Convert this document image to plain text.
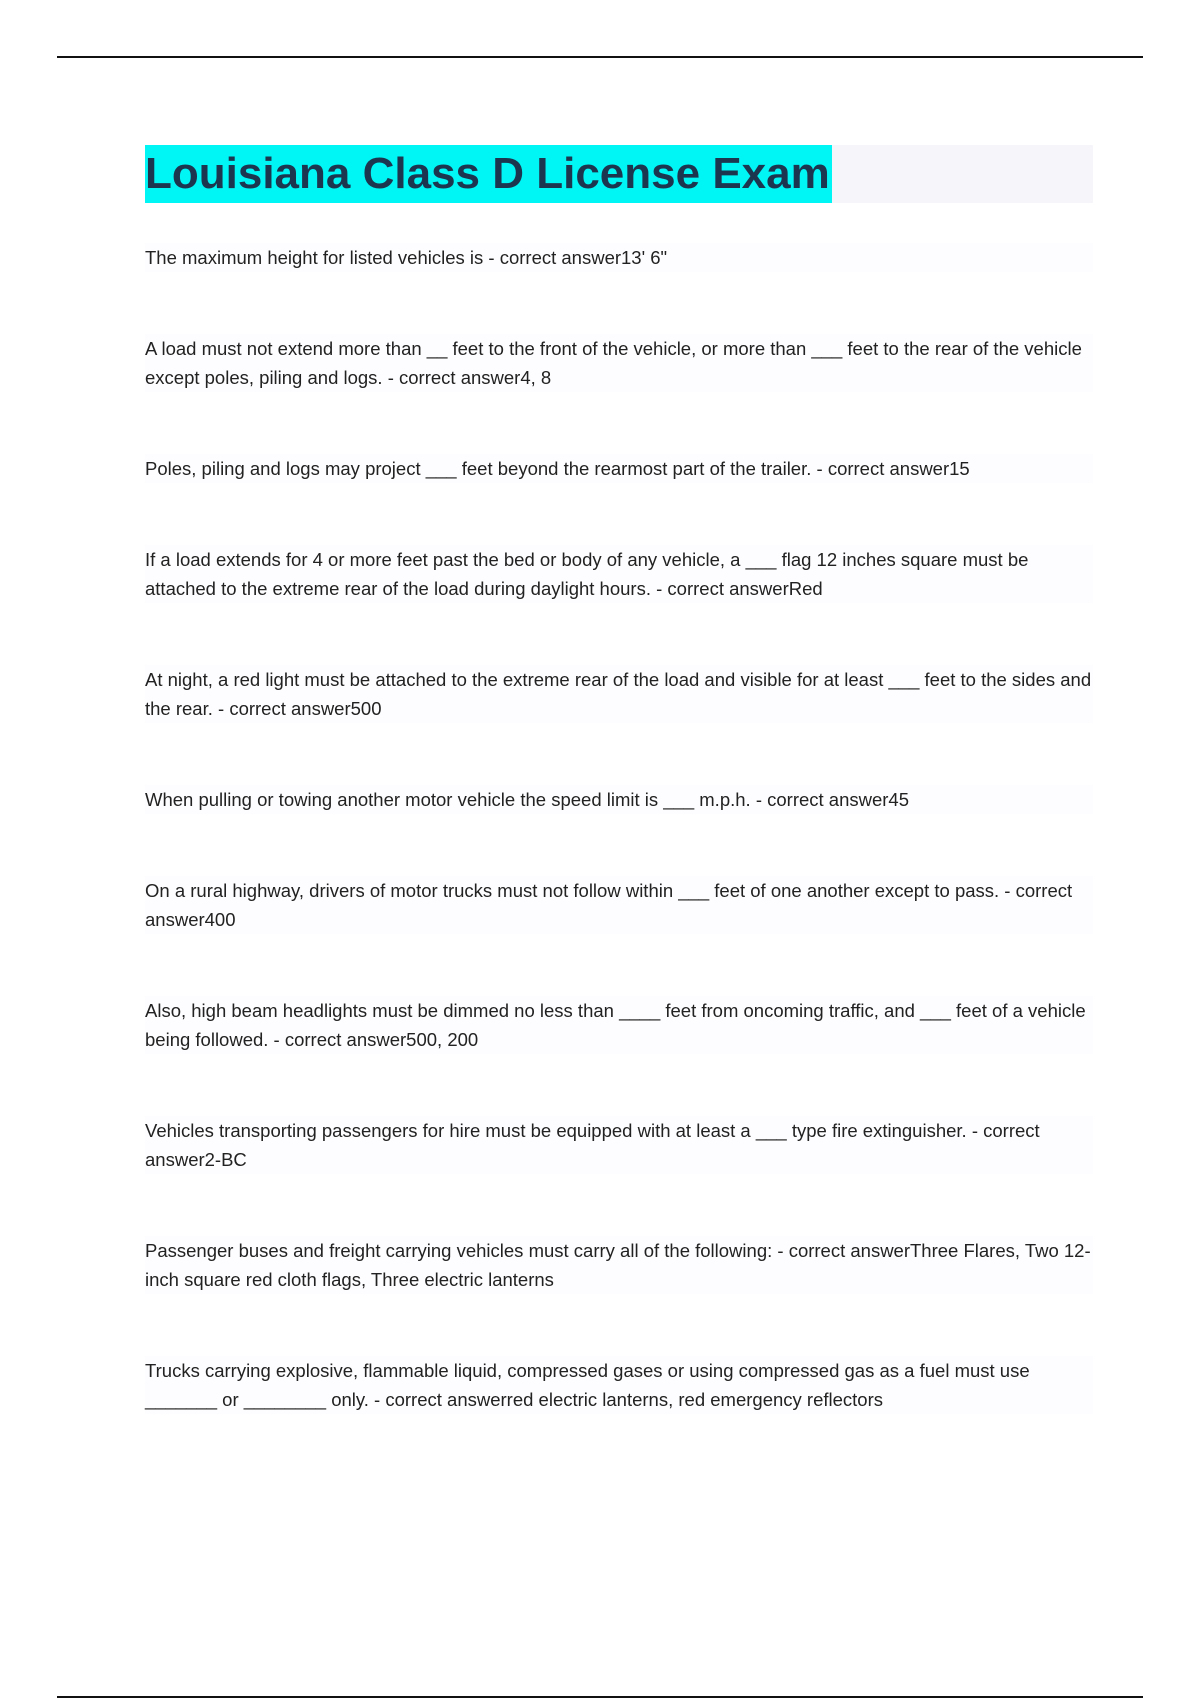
Louisiana Class D License Exam

The maximum height for listed vehicles is - correct answer13' 6"

A load must not extend more than __ feet to the front of the vehicle, or more than ___ feet to the rear of the vehicle except poles, piling and logs. - correct answer4, 8

Poles, piling and logs may project ___ feet beyond the rearmost part of the trailer. - correct answer15

If a load extends for 4 or more feet past the bed or body of any vehicle, a ___ flag 12 inches square must be attached to the extreme rear of the load during daylight hours. - correct answerRed

At night, a red light must be attached to the extreme rear of the load and visible for at least ___ feet to the sides and the rear. - correct answer500

When pulling or towing another motor vehicle the speed limit is ___ m.p.h. - correct answer45

On a rural highway, drivers of motor trucks must not follow within ___ feet of one another except to pass. - correct answer400

Also, high beam headlights must be dimmed no less than ____ feet from oncoming traffic, and ___ feet of a vehicle being followed. - correct answer500, 200

Vehicles transporting passengers for hire must be equipped with at least a ___ type fire extinguisher. - correct answer2-BC

Passenger buses and freight carrying vehicles must carry all of the following: - correct answerThree Flares, Two 12-inch square red cloth flags, Three electric lanterns

Trucks carrying explosive, flammable liquid, compressed gases or using compressed gas as a fuel must use _______ or ________ only. - correct answerred electric lanterns, red emergency reflectors
